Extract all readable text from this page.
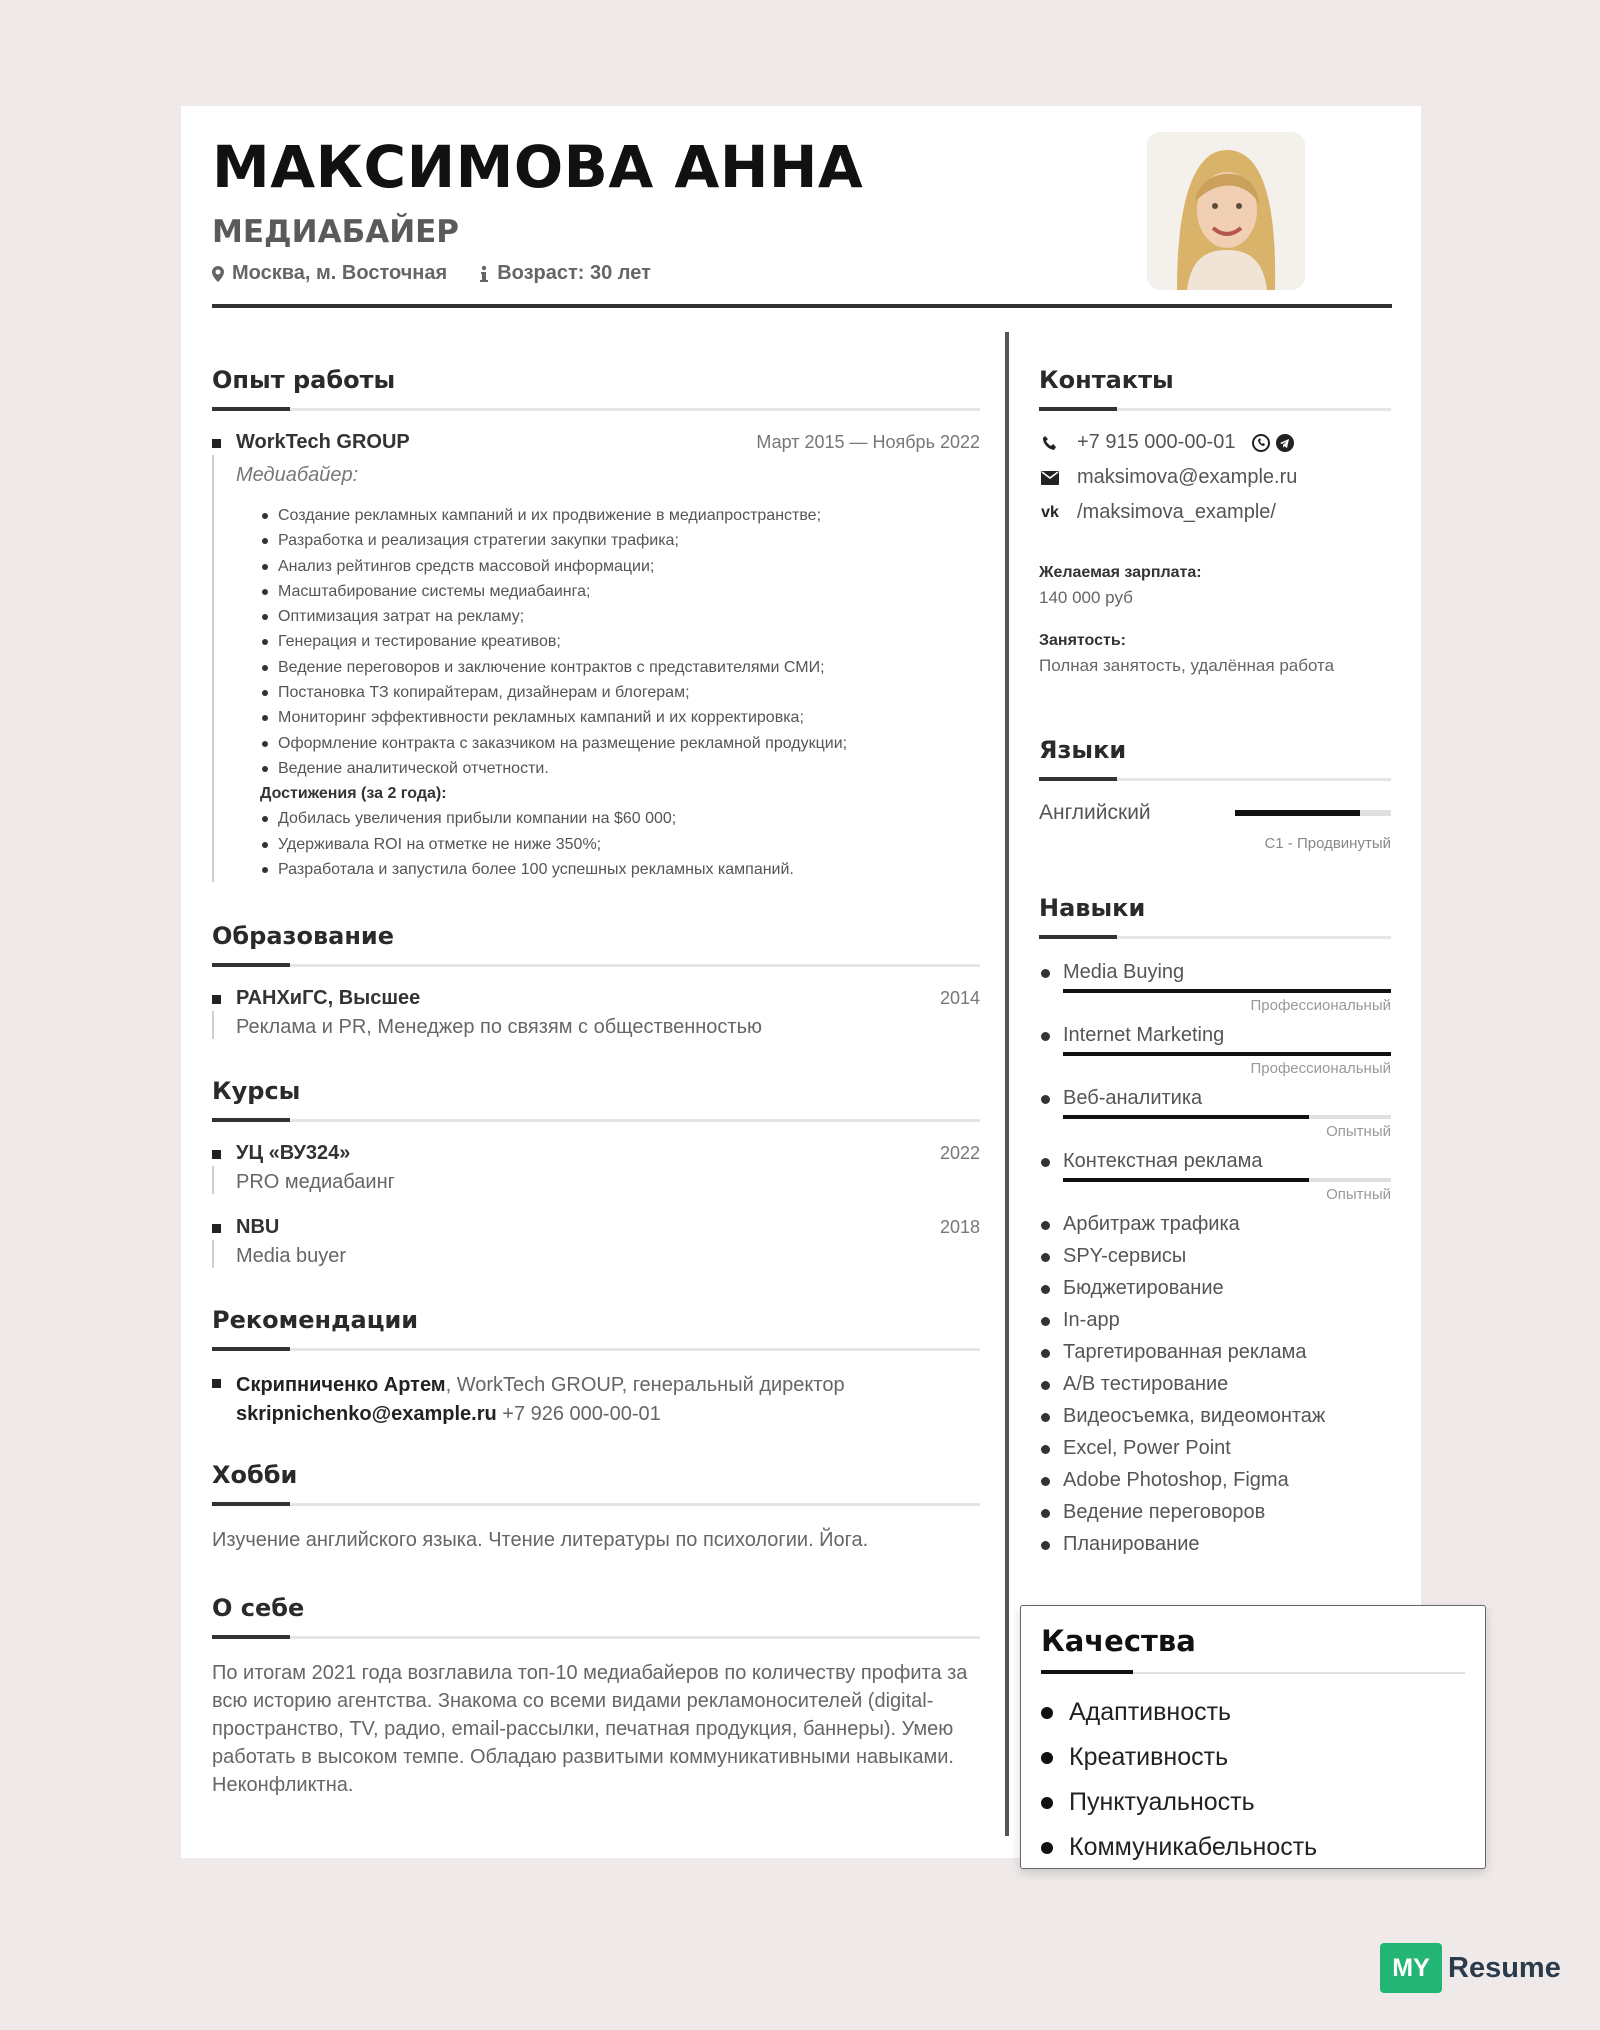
МАКСИМОВА АННА
МЕДИАБАЙЕР
Москва, м. Восточная	Возраст: 30 лет
Опыт работы
WorkTech GROUP	Март 2015 — Ноябрь 2022
Медиабайер:
Создание рекламных кампаний и их продвижение в медиапространстве;
Разработка и реализация стратегии закупки трафика;
Анализ рейтингов средств массовой информации;
Масштабирование системы медиабаинга;
Оптимизация затрат на рекламу;
Генерация и тестирование креативов;
Ведение переговоров и заключение контрактов с представителями СМИ;
Постановка ТЗ копирайтерам, дизайнерам и блогерам;
Мониторинг эффективности рекламных кампаний и их корректировка;
Оформление контракта с заказчиком на размещение рекламной продукции;
Ведение аналитической отчетности.
Достижения (за 2 года):
Добилась увеличения прибыли компании на $60 000;
Удерживала ROI на отметке не ниже 350%;
Разработала и запустила более 100 успешных рекламных кампаний.
Образование
РАНХиГС, Высшее	2014
Реклама и PR, Менеджер по связям с общественностью
Курсы
УЦ «ВУ324»	2022
PRO медиабаинг
NBU	2018
Media buyer
Рекомендации
Скрипниченко Артем, WorkTech GROUP, генеральный директор
skripnichenko@example.ru +7 926 000-00-01
Хобби
Изучение английского языка. Чтение литературы по психологии. Йога.
О себе
По итогам 2021 года возглавила топ-10 медиабайеров по количеству профита за всю историю агентства. Знакома со всеми видами рекламоносителей (digital-пространство, TV, радио, email-рассылки, печатная продукция, баннеры). Умею работать в высоком темпе. Обладаю развитыми коммуникативными навыками. Неконфликтна.
Контакты
+7 915 000-00-01
maksimova@example.ru
vk /maksimova_example/
Желаемая зарплата:
140 000 руб
Занятость:
Полная занятость, удалённая работа
Языки
Английский
C1 - Продвинутый
Навыки
Media Buying
Профессиональный
Internet Marketing
Профессиональный
Веб-аналитика
Опытный
Контекстная реклама
Опытный
Арбитраж трафика
SPY-сервисы
Бюджетирование
In-app
Таргетированная реклама
A/B тестирование
Видеосъемка, видеомонтаж
Excel, Power Point
Adobe Photoshop, Figma
Ведение переговоров
Планирование
Качества
Адаптивность
Креативность
Пунктуальность
Коммуникабельность
MY Resume
